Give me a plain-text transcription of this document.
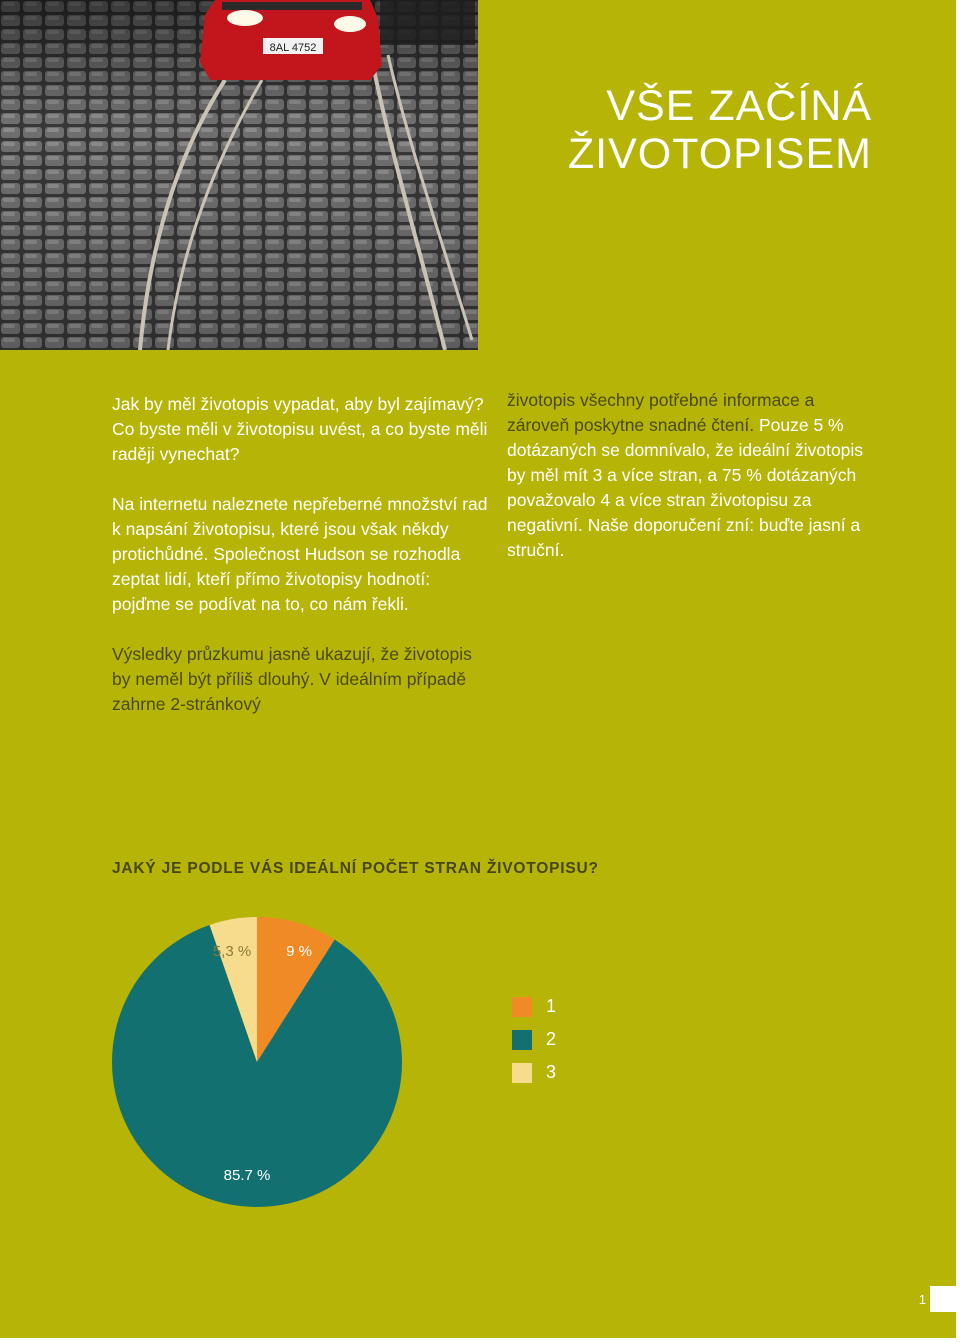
8AL 4752
VŠE ZAČÍNÁ
ŽIVOTOPISEM

Jak by měl životopis vypadat, aby byl zajímavý? Co byste měli v životopisu uvést, a co byste měli raději vynechat?

Na internetu naleznete nepřeberné množství rad k napsání životopisu, které jsou však někdy protichůdné. Společnost Hudson se rozhodla zeptat lidí, kteří přímo životopisy hodnotí: pojďme se podívat na to, co nám řekli.

Výsledky průzkumu jasně ukazují, že životopis by neměl být příliš dlouhý. V ideálním případě zahrne 2-stránkový

životopis všechny potřebné informace a zároveň poskytne snadné čtení. Pouze 5 % dotázaných se domnívalo, že ideální životopis by měl mít 3 a více stran, a 75 % dotázaných považovalo 4 a více stran životopisu za negativní. Naše doporučení zní: buďte jasní a struční.

JAKÝ JE PODLE VÁS IDEÁLNÍ POČET STRAN ŽIVOTOPISU?
9 %
85.7 %
5,3 %
1
2
3
1
